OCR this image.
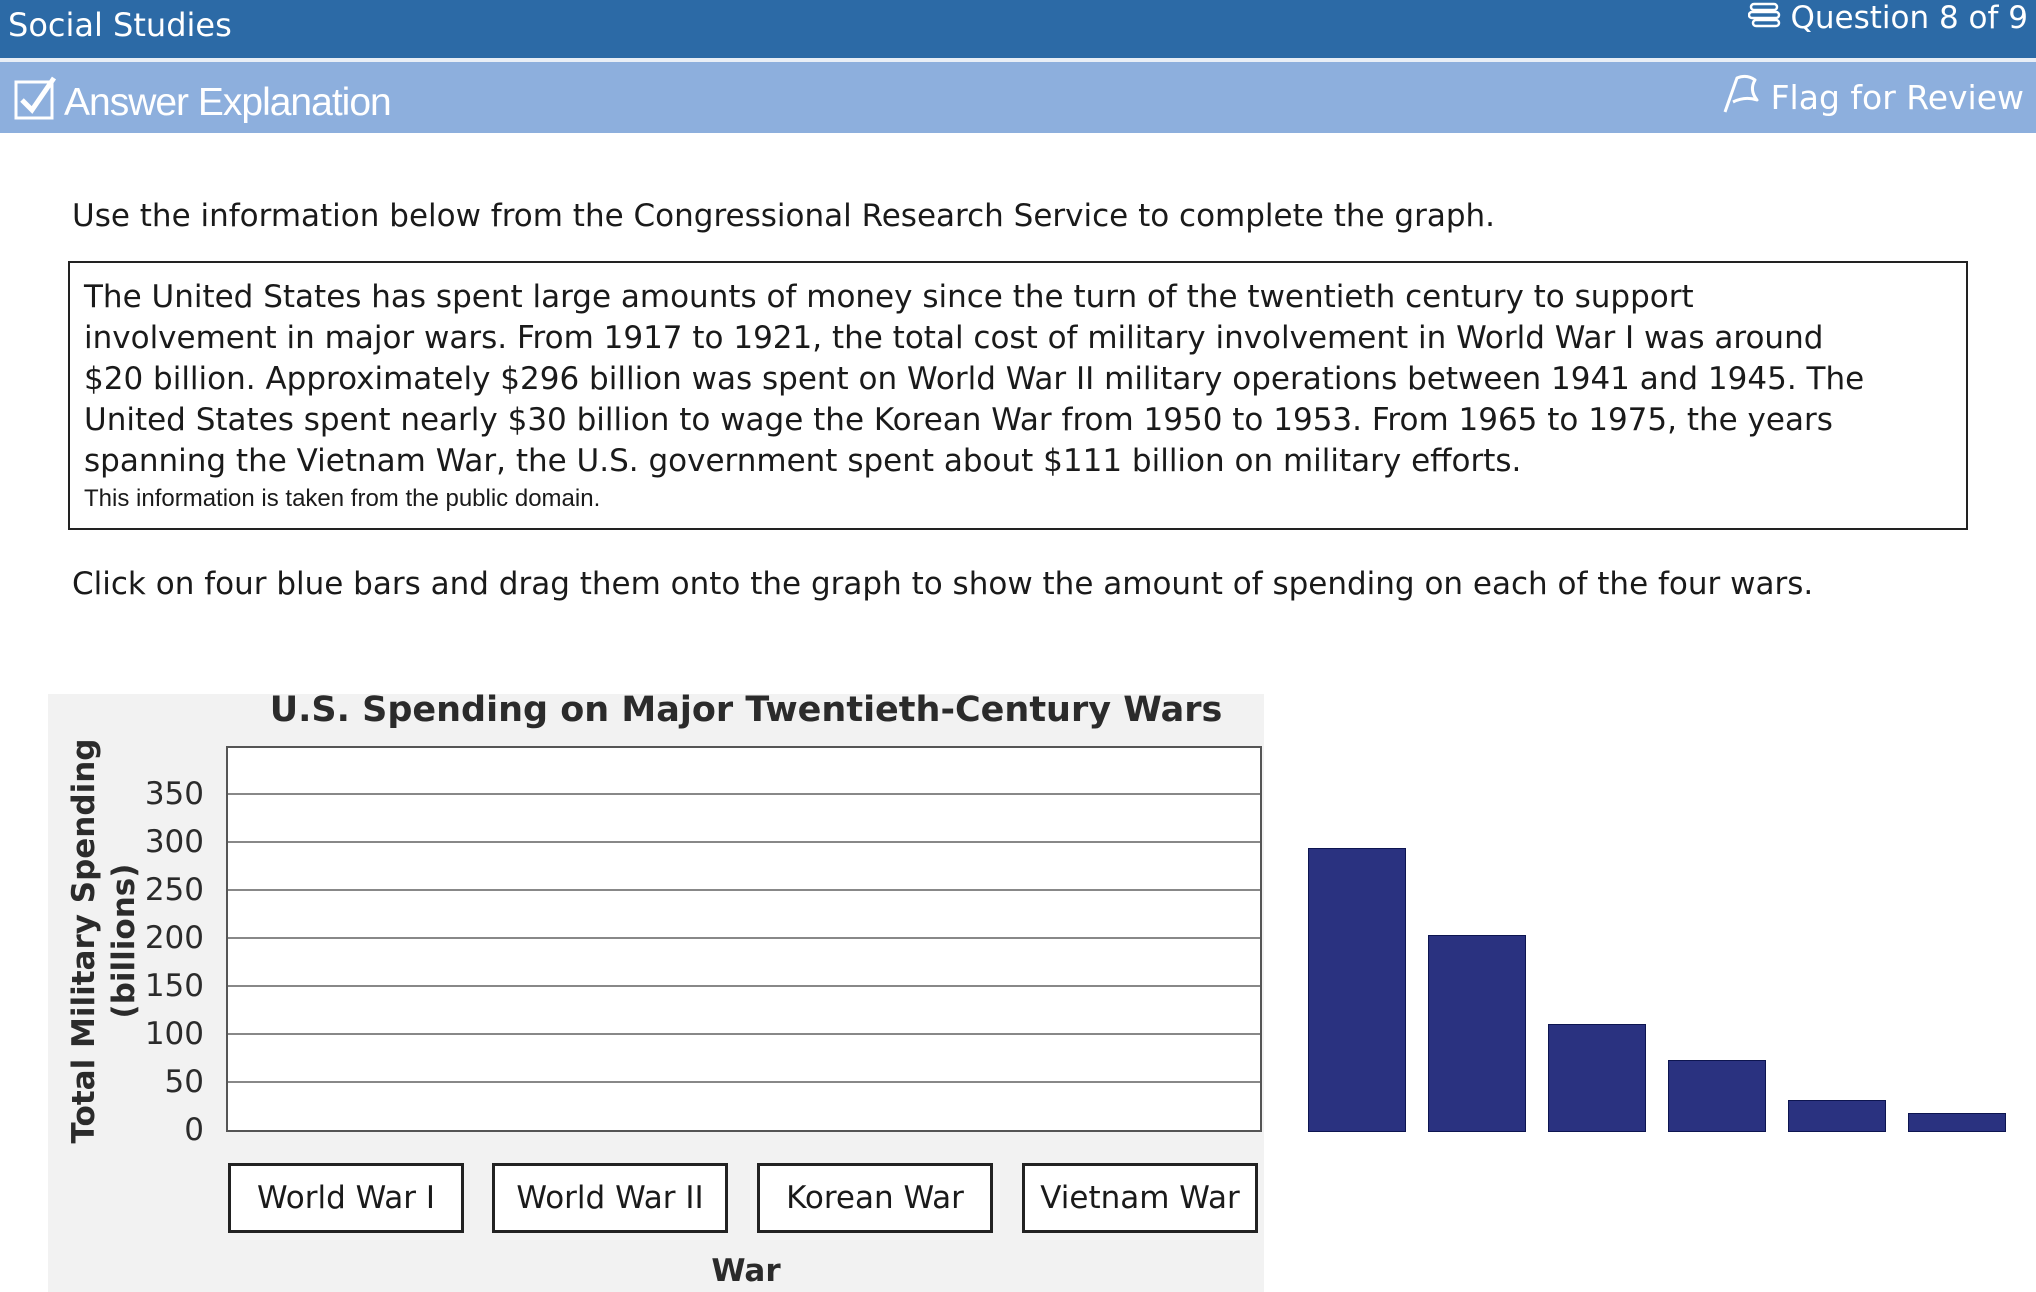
Social Studies	Question 8 of 9
Answer Explanation	Flag for Review

Use the information below from the Congressional Research Service to complete the graph.

The United States has spent large amounts of money since the turn of the twentieth century to support

involvement in major wars. From 1917 to 1921, the total cost of military involvement in World War I was around

$20 billion. Approximately $296 billion was spent on World War II military operations between 1941 and 1945. The

United States spent nearly $30 billion to wage the Korean War from 1950 to 1953. From 1965 to 1975, the years

spanning the Vietnam War, the U.S. government spent about $111 billion on military efforts.

This information is taken from the public domain.

Click on four blue bars and drag them onto the graph to show the amount of spending on each of the four wars.

U.S. Spending on Major Twentieth-Century Wars
Total Military Spending (billions)
0
50
100
150
200
250
300
350
World War I	World War II	Korean War	Vietnam War
War
